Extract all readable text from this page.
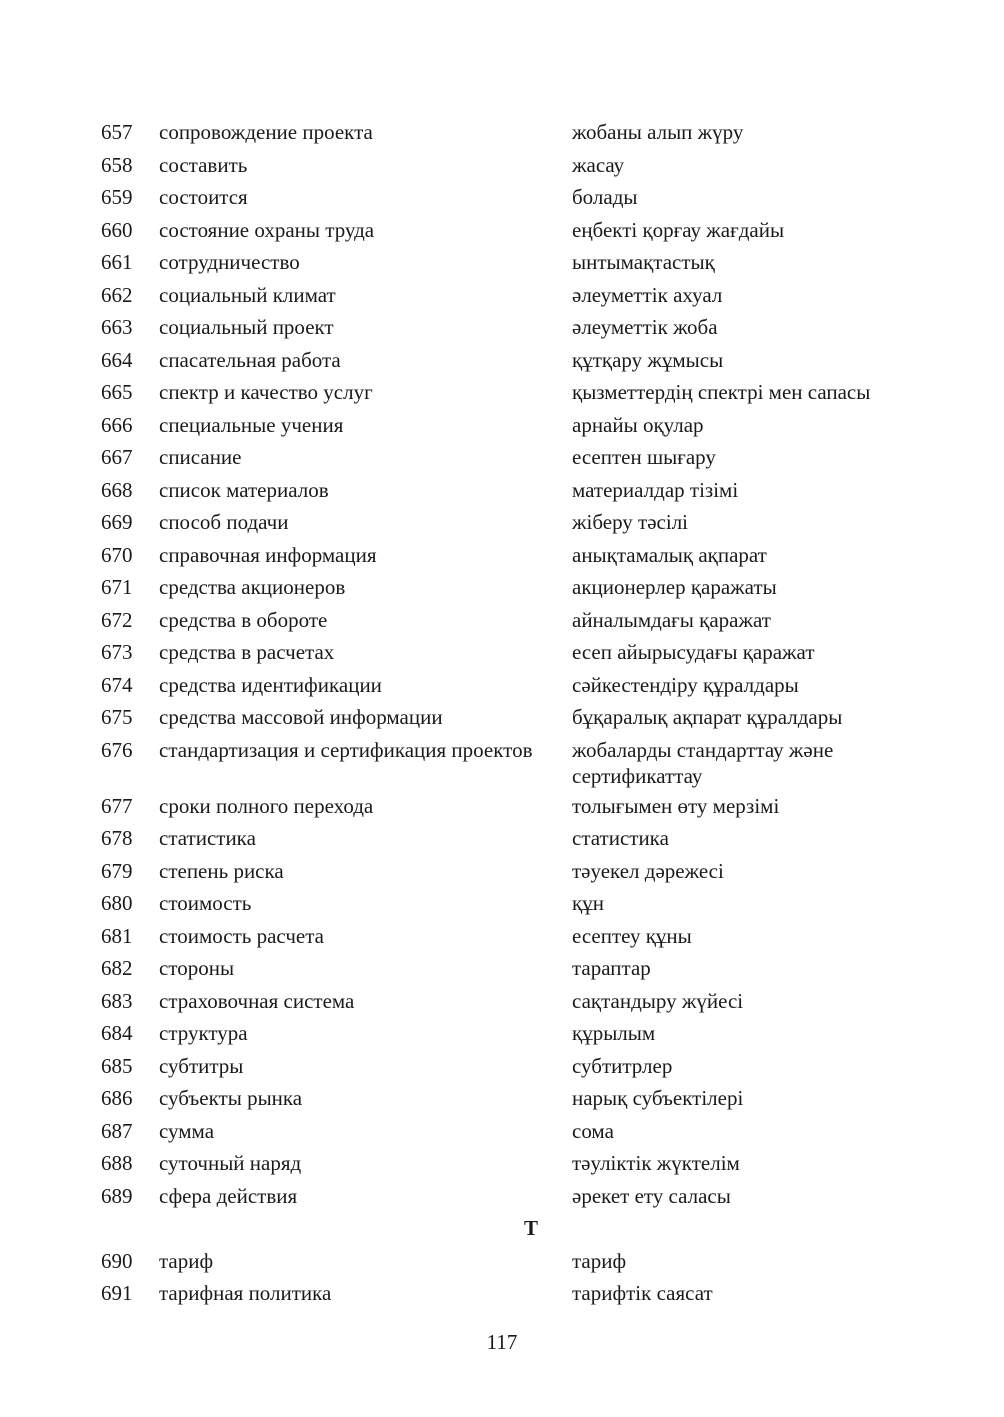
657	сопровождение проекта	жобаны алып жүру
658	составить	жасау
659	состоится	болады
660	состояние охраны труда	еңбекті қорғау жағдайы
661	сотрудничество	ынтымақтастық
662	социальный климат	әлеуметтік ахуал
663	социальный проект	әлеуметтік жоба
664	спасательная работа	құтқару жұмысы
665	спектр и качество услуг	қызметтердің спектрі мен сапасы
666	специальные учения	арнайы оқулар
667	списание	есептен шығару
668	список материалов	материалдар тізімі
669	способ подачи	жіберу тәсілі
670	справочная информация	анықтамалық ақпарат
671	средства акционеров	акционерлер қаражаты
672	средства в обороте	айналымдағы қаражат
673	средства в расчетах	есеп айырысудағы қаражат
674	средства идентификации	сәйкестендіру құралдары
675	средства массовой информации	бұқаралық ақпарат құралдары
676	стандартизация и сертификация проектов	жобаларды стандарттау және сертификаттау
677	сроки полного перехода	толығымен өту мерзімі
678	статистика	статистика
679	степень риска	тәуекел дәрежесі
680	стоимость	құн
681	стоимость расчета	есептеу құны
682	стороны	тараптар
683	страховочная система	сақтандыру жүйесі
684	структура	құрылым
685	субтитры	субтитрлер
686	субъекты рынка	нарық субъектілері
687	сумма	сома
688	суточный наряд	тәуліктік жүктелім
689	сфера действия	әрекет ету саласы
Т
690	тариф	тариф
691	тарифная политика	тарифтік саясат
117
